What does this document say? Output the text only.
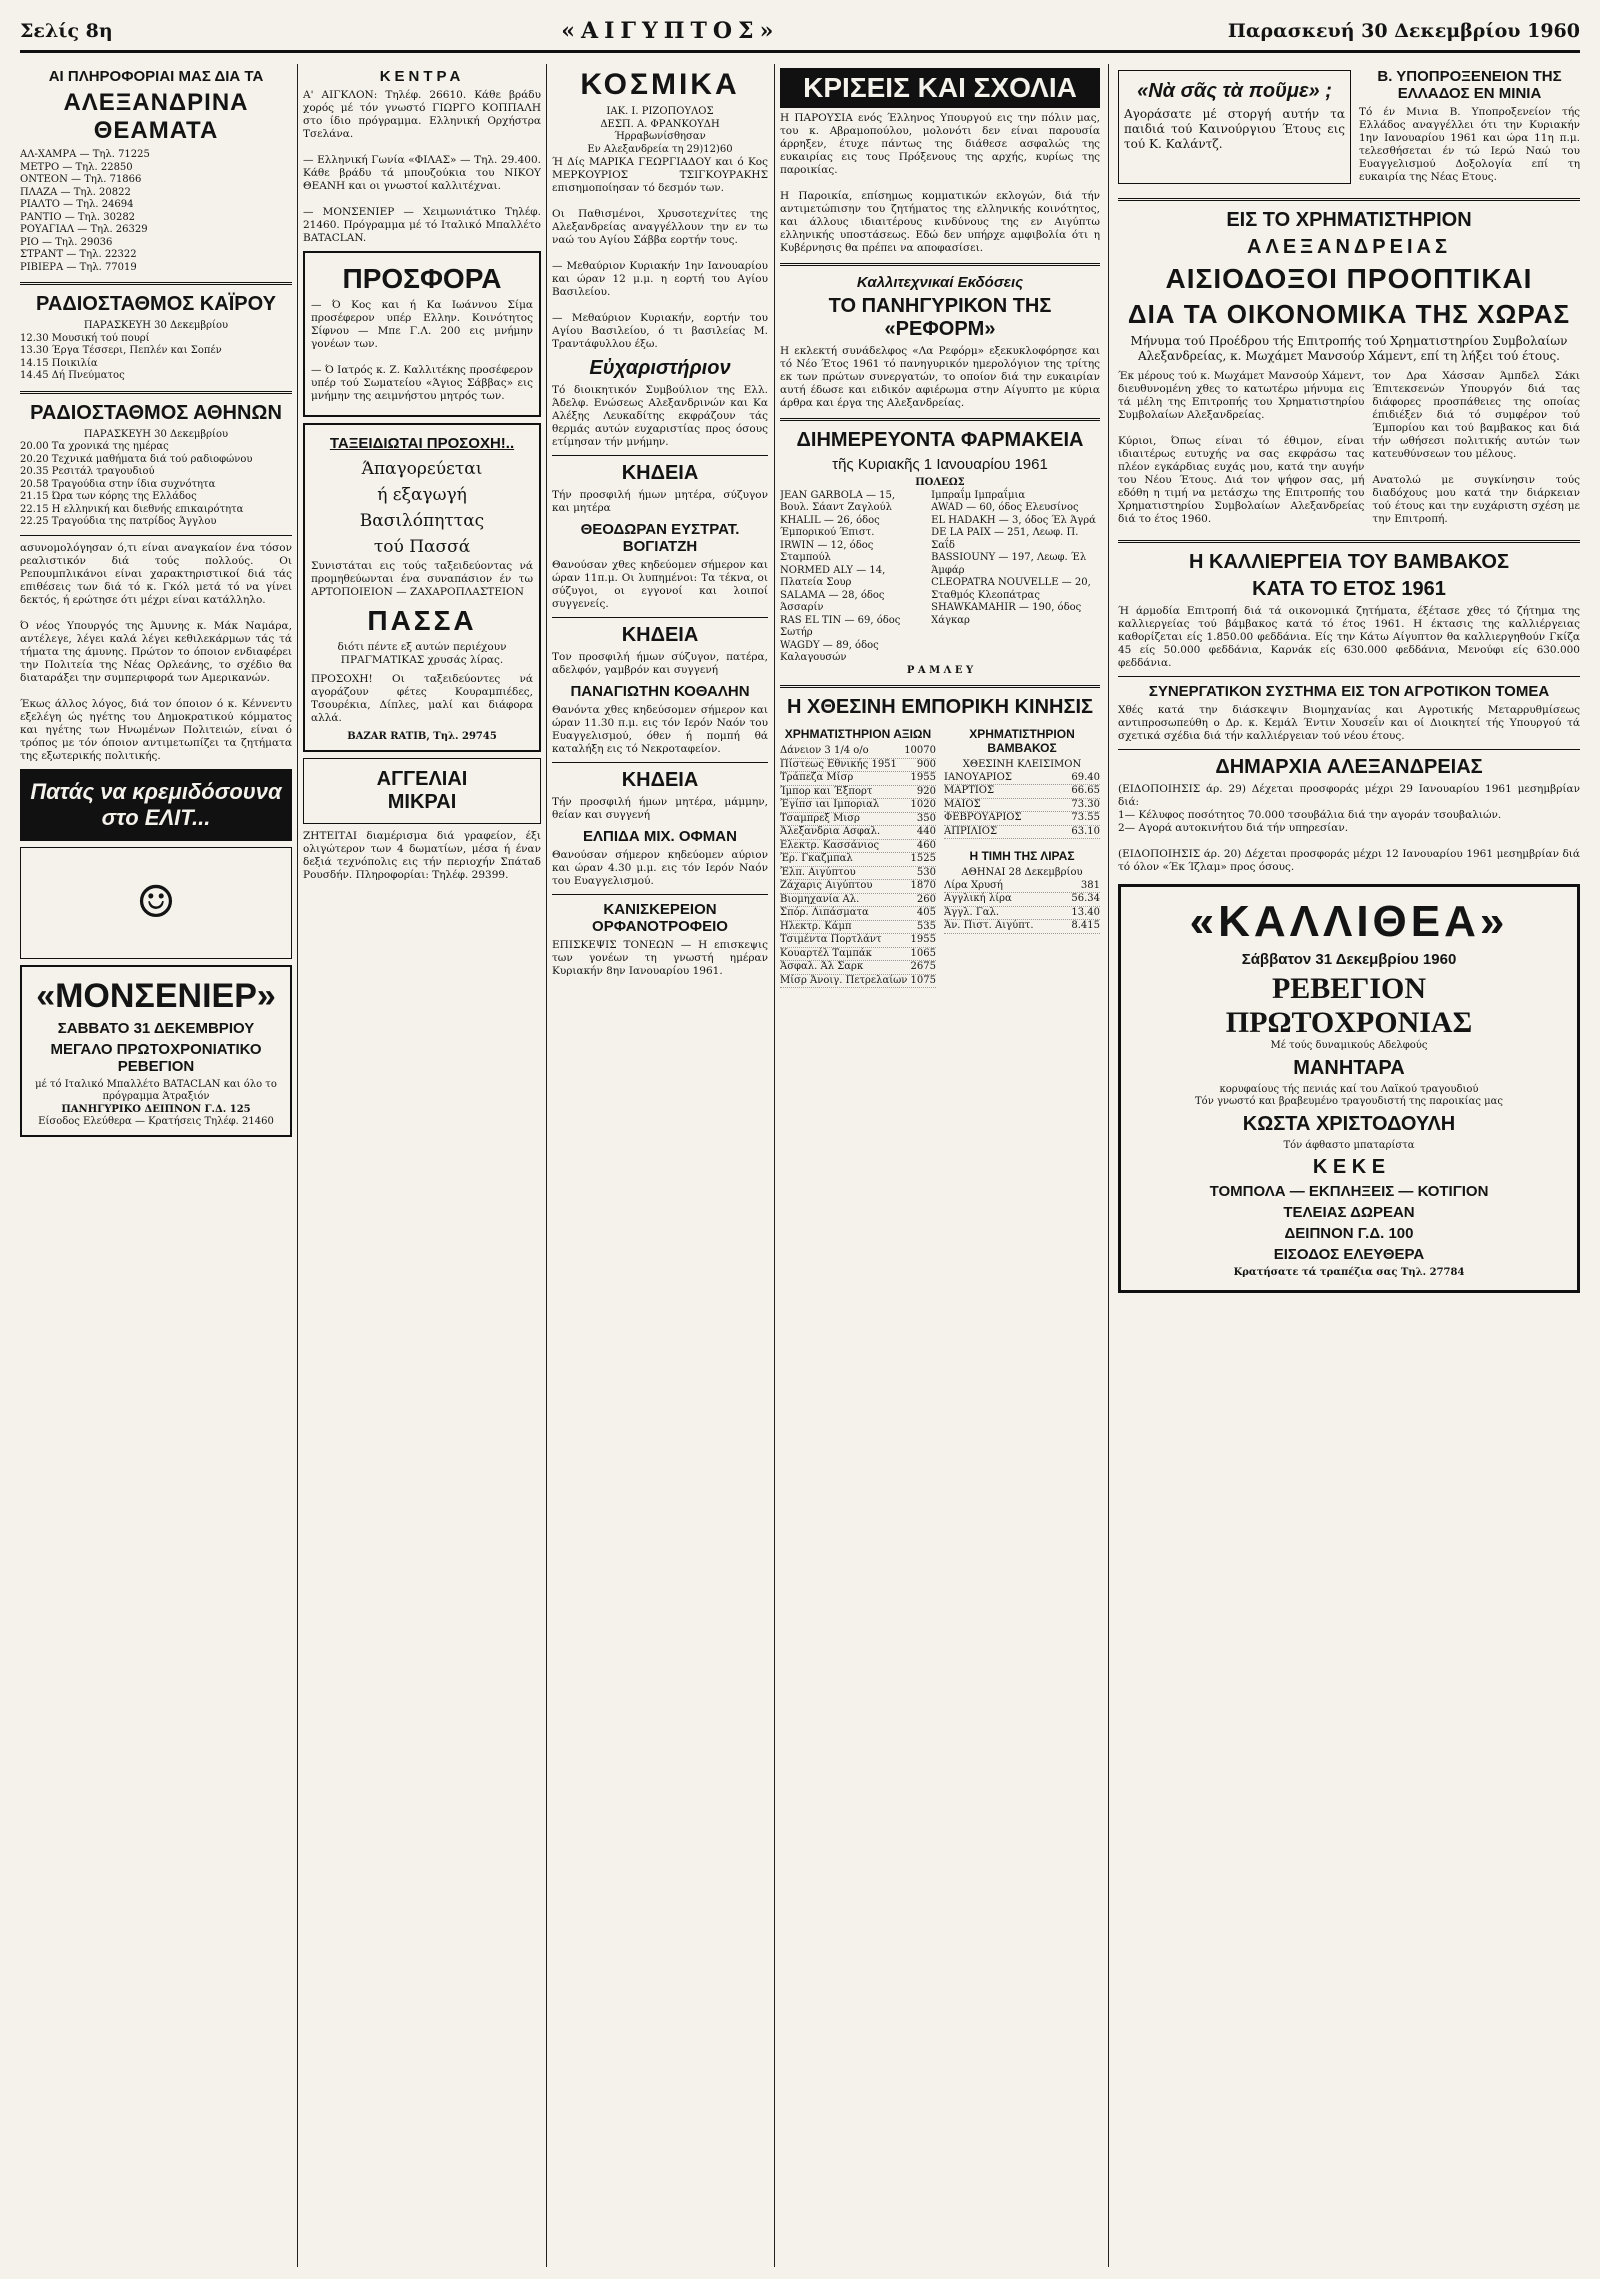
Σελίς 8η	«ΑΙΓΥΠΤΟΣ»	Παρασκευή 30 Δεκεμβρίου 1960
ΑΙ ΠΛΗΡΟΦΟΡΙΑΙ ΜΑΣ ΔΙΑ ΤΑ
ΑΛΕΞΑΝΔΡΙΝΑ ΘΕΑΜΑΤΑ
ΑΛ-ΧΑΜΡΑ — Τηλ. 71225
ΜΕΤΡΟ — Τηλ. 22850
ΟΝΤΕΟΝ — Τηλ. 71866
ΠΛΑΖΑ — Τηλ. 20822
ΡΙΑΛΤΟ — Τηλ. 24694
ΡΑΝΤΙΟ — Τηλ. 30282
ΡΟΥΑΓΙΑΛ — Τηλ. 26329
ΡΙΟ — Τηλ. 29036
ΣΤΡΑΝΤ — Τηλ. 22322
ΡΙΒΙΕΡΑ — Τηλ. 77019
ΡΑΔΙΟΣΤΑΘΜΟΣ ΚΑΪΡΟΥ
ΠΑΡΑΣΚΕΥΗ 30 Δεκεμβρίου
12.30 Μουσική τού πουρί
13.30 Έργα Τέσσερι, Πεπλέν και Σοπέν
14.15 Ποικιλία
14.45 Δή Πνεύματος
ΡΑΔΙΟΣΤΑΘΜΟΣ ΑΘΗΝΩΝ
ΠΑΡΑΣΚΕΥΗ 30 Δεκεμβρίου
20.00 Τα χρονικά της ημέρας
20.20 Τεχνικά μαθήματα διά τού ραδιοφώνου
20.35 Ρεσιτάλ τραγουδιού
20.58 Τραγούδια στην ίδια συχνότητα
21.15 Ώρα των κόρης της Ελλάδος
22.15 Η ελληνική και διεθνής επικαιρότητα
22.25 Τραγούδια της πατρίδος Άγγλου

ασυνομολόγησαν ό,τι είναι αναγκαίον ένα τόσον ρεαλιστικόν διά τούς πολλούς. Οι Ρεπουμπλικάνοι είναι χαρακτηριστικοί διά τάς επιθέσεις των διά τό κ. Γκόλ μετά τό να γίνει δεκτός, ή ερώτησε ότι μέχρι είναι κατάλληλο.

Ό νέος Υπουργός της Άμυνης κ. Μάκ Ναμάρα, αντέλεγε, λέγει καλά λέγει κεθιλεκάρμων τάς τά τήματα της άμυνης. Πρώτον το όποιον ενδιαφέρει την Πολιτεία της Νέας Ορλεάνης, το σχέδιο θα διαταράξει την συμπεριφορά των Αμερικανών.

Έκως άλλος λόγος, διά τον όποιον ό κ. Κέννεντυ εξελέγη ώς ηγέτης του Δημοκρατικού κόμματος και ηγέτης των Ηνωμένων Πολιτειών, είναι ό τρόπος με τόν όποιον αντιμετωπίζει τα ζητήματα της εξωτερικής πολιτικής.

Πατάς να κρεμιδόσουνα στο ΕΛΙΤ...
☺
«ΜΟΝΣΕΝΙΕΡ»
ΣΑΒΒΑΤΟ 31 ΔΕΚΕΜΒΡΙΟΥ
ΜΕΓΑΛΟ ΠΡΩΤΟΧΡΟΝΙΑΤΙΚΟ ΡΕΒΕΓΙΟΝ
μέ τό Ιταλικό Μπαλλέτο BATACLAN και όλο το πρόγραμμα Άτραξιόν
ΠΑΝΗΓΥΡΙΚΟ ΔΕΙΠΝΟΝ Γ.Δ. 125
Είσοδος Ελεύθερα — Κρατήσεις Τηλέφ. 21460
ΚΕΝΤΡΑ

Α' ΑΙΓΚΛΟΝ: Τηλέφ. 26610. Κάθε βράδυ χορός μέ τόν γνωστό ΓΙΩΡΓΟ ΚΟΠΠΑΛΗ στο ίδιο πρόγραμμα. Ελληνική Ορχήστρα Τσελάνα.

— Ελληνική Γωνία «ΦΙΛΑΣ» — Τηλ. 29.400. Κάθε βράδυ τά μπουζούκια του ΝΙΚΟΥ ΘΕΑΝΗ και οι γνωστοί καλλιτέχναι.

— ΜΟΝΣΕΝΙΕΡ — Χειμωνιάτικο Τηλέφ. 21460. Πρόγραμμα μέ τό Ιταλικό Μπαλλέτο BATACLAN.

ΠΡΟΣΦΟΡΑ

— Ό Κος και ή Κα Ιωάννου Σίμα προσέφερον υπέρ Ελλην. Κοινότητος Σίφνου — Μπε Γ.Λ. 200 εις μνήμην γονέων των.

— Ό Ιατρός κ. Ζ. Καλλιτέκης προσέφερον υπέρ τού Σωματείου «Άγιος Σάββας» εις μνήμην της αειμνήστου μητρός των.

ΤΑΞΕΙΔΙΩΤΑΙ ΠΡΟΣΟΧΗ!..
Άπαγορεύεται
ή εξαγωγή
Βασιλόπηττας
τού Πασσά

Συνιστάται εις τούς ταξειδεύοντας νά προμηθεύωνται ένα συναπάσιον έν τω ΑΡΤΟΠΟΙΕΙΟΝ — ΖΑΧΑΡΟΠΛΑΣΤΕΙΟΝ

ΠΑΣΣΑ

διότι πέντε εξ αυτών περιέχουν ΠΡΑΓΜΑΤΙΚΑΣ χρυσάς λίρας.

ΠΡΟΣΟΧΗ! Οι ταξειδεύοντες νά αγοράζουν φέτες Κουραμπιέδες, Τσουρέκια, Δίπλες, μαλί και διάφορα αλλά.

BAZAR RATIB, Τηλ. 29745
ΑΓΓΕΛΙΑΙ
ΜΙΚΡΑΙ

ΖΗΤΕΙΤΑΙ διαμέρισμα διά γραφείον, έξι ολιγώτερον των 4 δωματίων, μέσα ή έναν δεξιά τεχνόπολις εις τήν περιοχήν Σπάταδ Ρουσδήν. Πληροφορίαι: Τηλέφ. 29399.

ΚΟΣΜΙΚΑ
ΙΑΚ. Ι. ΡΙΖΟΠΟΥΛΟΣ
ΔΕΣΠ. Α. ΦΡΑΝΚΟΥΔΗ
Ήρραβωνίσθησαν
Εν Αλεξανδρεία τη 29)12)60

Ή Δίς ΜΑΡΙΚΑ ΓΕΩΡΓΙΑΔΟΥ και ό Κος ΜΕΡΚΟΥΡΙΟΣ ΤΣΙΓΚΟΥΡΑΚΗΣ επισημοποίησαν τό δεσμόν των.

Οι Παθισμένοι, Χρυσοτεχνίτες της Αλεξανδρείας αναγγέλλουν την εν τω ναώ του Αγίου Σάββα εορτήν τους.

— Μεθαύριον Κυριακήν 1ην Ιανουαρίου και ώραν 12 μ.μ. η εορτή του Αγίου Βασιλείου.

— Μεθαύριον Κυριακήν, εορτήν του Αγίου Βασιλείου, ό τι βασιλείας Μ. Τραντάφυλλου έξω.

Εὐχαριστήριον

Τό διοικητικόν Συμβούλιον της Ελλ. Άδελφ. Ενώσεως Αλεξανδρινών και Κα Αλέξης Λευκαδίτης εκφράζουν τάς θερμάς αυτών ευχαριστίας προς όσους ετίμησαν τήν μνήμην.

ΚΗΔΕΙΑ

Τήν προσφιλή ήμων μητέρα, σύζυγον και μητέρα

ΘΕΟΔΩΡΑΝ ΕΥΣΤΡΑΤ. ΒΟΓΙΑΤΖΗ

Θανούσαν χθες κηδεύομεν σήμερον και ώραν 11π.μ. Οι λυπημένοι: Τα τέκνα, οι σύζυγοι, οι εγγονοί και λοιποί συγγενείς.

ΚΗΔΕΙΑ

Τον προσφιλή ήμων σύζυγον, πατέρα, αδελφόν, γαμβρόν και συγγενή

ΠΑΝΑΓΙΩΤΗΝ ΚΟΘΑΛΗΝ

Θανόντα χθες κηδεύσομεν σήμερον και ώραν 11.30 π.μ. εις τόν Ιερόν Ναόν του Ευαγγελισμού, όθεν ή πομπή θά καταλήξη εις τό Νεκροταφείον.

ΚΗΔΕΙΑ

Τήν προσφιλή ήμων μητέρα, μάμμην, θείαν και συγγενή

ΕΛΠΙΔΑ ΜΙΧ. ΟΦΜΑΝ

Θανούσαν σήμερον κηδεύομεν αύριον και ώραν 4.30 μ.μ. εις τόν Ιερόν Ναόν του Ευαγγελισμού.

ΚΑΝΙΣΚΕΡΕΙΟΝ ΟΡΦΑΝΟΤΡΟΦΕΙΟ

ΕΠΙΣΚΕΨΙΣ ΤΟΝΕΩΝ — Η επισκεψις των γονέων τη γνωστή ημέραν Κυριακήν 8ην Ιανουαρίου 1961.

ΚΡΙΣΕΙΣ ΚΑΙ ΣΧΟΛΙΑ

Η ΠΑΡΟΥΣΙΑ ενός Έλληνος Υπουργού εις την πόλιν μας, του κ. Αβραμοπούλου, μολονότι δεν είναι παρουσία άρρηξεν, έτυχε πάντως της διάθεσε ασφαλώς της ευκαιρίας εις τους Πρόξενους της αρχής, κυρίως της παροικίας.

Η Παροικία, επίσημως κομματικών εκλογών, διά τήν αντιμετώπισην του ζητήματος της ελληνικής κοινότητος, και άλλους ιδιαιτέρους κινδύνους της εν Αιγύπτω ελληνικής υποστάσεως. Εδώ δεν υπήρχε αμφιβολία ότι η Κυβέρνησις θα πρέπει να αποφασίσει.

Καλλιτεχνικαί Εκδόσεις
ΤΟ ΠΑΝΗΓΥΡΙΚΟΝ ΤΗΣ «ΡΕΦΟΡΜ»

Η εκλεκτή συνάδελφος «Λα Ρεφόρμ» εξεκυκλοφόρησε και τό Νέο Έτος 1961 τό πανηγυρικόν ημερολόγιον της τρίτης εκ των πρώτων συνεργατών, το οποίον διά την ευκαιρίαν αυτή έδωσε και ειδικόν αφιέρωμα στην Αίγυπτο με κύρια άρθρα και έργα της Αλεξανδρείας.

ΔΙΗΜΕΡΕΥΟΝΤΑ ΦΑΡΜΑΚΕΙΑ
τῆς Κυριακῆς 1 Ιανουαρίου 1961
ΠΟΛΕΩΣ
JEAN GARBOLA — 15, Βουλ. Σάαντ Ζαγλούλ
KHALIL — 26, όδος Έμπορικού Έπιστ.
IRWIN — 12, όδος Σταμπούλ
NORMED ALY — 14, Πλατεία Σουρ
SALAMA — 28, όδος Άσσαρίν
RAS EL TIN — 69, όδος Σωτήρ
WAGDY — 89, όδος Καλαγουσών
Ιμπραΐμ Ιμπραΐμια
AWAD — 60, όδος Ελευσίνος
EL HADAKH — 3, όδος Έλ Άγρά
DE LA PAIX — 251, Λεωφ. Π. Σαΐδ
BASSIOUNY — 197, Λεωφ. Έλ Άμφάρ
CLEOPATRA NOUVELLE — 20, Σταθμός Κλεοπάτρας
SHAWKAMAHIR — 190, όδος Χάγκαρ
Ρ Α Μ Λ Ε Υ
Η ΧΘΕΣΙΝΗ ΕΜΠΟΡΙΚΗ ΚΙΝΗΣΙΣ
ΧΡΗΜΑΤΙΣΤΗΡΙΟΝ ΑΞΙΩΝ
Δάνειον 3 1/4 ο/ο	10070
Πίστεως Εθνικής 1951 900
Τράπεζα Μίσρ	1955
Ίμπορ και Έξπορτ	920
Έγίπσ ιαι Ιμποριαλ	1020
Τσαμπρεξ Μισρ	350
Άλεξανδρια Ασφαλ.	440
Ελεκτρ. Κασσάνιος	460
Έρ. Γκαζμπαλ	1525
Έλπ. Αιγύπτου	530
Ζάχαρις Αιγύπτου	1870
Βιομηχανία Αλ.	260
Σπόρ. Λιπάσματα	405
Ηλεκτρ. Κάμπ	535
Τσιμέντα Πορτλάντ	1955
Κουαρτέλ Ταμπάκ	1065
Άσφαλ. Άλ Σαρκ	2675
Μίσρ Άνοιγ. Πετρελαίων 1075
ΧΡΗΜΑΤΙΣΤΗΡΙΟΝ ΒΑΜΒΑΚΟΣ
ΧΘΕΣΙΝΗ ΚΛΕΙΣΙΜΟΝ
ΙΑΝΟΥΑΡΙΟΣ	69.40
ΜΑΡΤΙΟΣ	66.65
ΜΑΙΟΣ	73.30
ΦΕΒΡΟΥΑΡΙΟΣ	73.55
ΑΠΡΙΛΙΟΣ	63.10
Η ΤΙΜΗ ΤΗΣ ΛΙΡΑΣ
ΑΘΗΝΑΙ 28 Δεκεμβρίου
Λίρα Χρυσή	381
Αγγλική λίρα	56.34
Άγγλ. Γαλ.	13.40
Άν. Πιστ. Αιγύπτ.	8.415
«Νὰ σᾶς τὰ ποῦμε» ;

Αγοράσατε μέ στοργή αυτήν τα παιδιά τού Καινούργιου Έτους εις τού Κ. Καλάντζ.

Β. ΥΠΟΠΡΟΞΕΝΕΙΟΝ ΤΗΣ ΕΛΛΑΔΟΣ ΕΝ ΜΙΝΙΑ

Τό έν Μινια Β. Υποπροξενείον τής Ελλάδος αναγγέλλει ότι την Κυριακήν 1ην Ιανουαρίου 1961 και ώρα 11η π.μ. τελεσθήσεται έν τώ Ιερώ Ναώ του Ευαγγελισμού Δοξολογία επί τη ευκαιρία της Νέας Ετους.

ΕΙΣ ΤΟ ΧΡΗΜΑΤΙΣΤΗΡΙΟΝ
ΑΛΕΞΑΝΔΡΕΙΑΣ
ΑΙΣΙΟΔΟΞΟΙ ΠΡΟΟΠΤΙΚΑΙ
ΔΙΑ ΤΑ ΟΙΚΟΝΟΜΙΚΑ ΤΗΣ ΧΩΡΑΣ

Μήνυμα τού Προέδρου τής Επιτροπής τού Χρηματιστηρίου Συμβολαίων Αλεξανδρείας, κ. Μωχάμετ Μανσούρ Χάμεντ, επί τη λήξει τού έτους.

Έκ μέρους τού κ. Μωχάμετ Μανσούρ Χάμεντ, διευθυνομένη χθες το κατωτέρω μήνυμα εις τά μέλη της Επιτροπής του Χρηματιστηρίου Συμβολαίων Αλεξανδρείας.

Κύριοι, Όπως είναι τό έθιμον, είναι ιδιαιτέρως ευτυχής να σας εκφράσω τας πλέον εγκάρδιας ευχάς μου, κατά την αυγήν του Νέου Έτους. Διά τον ψήφον σας, μή εδόθη η τιμή να μετάσχω της Επιτροπής του Χρηματιστηρίου Συμβολαίων Αλεξανδρείας διά το έτος 1960.

τον Δρα Χάσσαν Άμπδελ Σάκι Έπιτεκσενών Υπουργόν διά τας διάφορες προσπάθειες της οποίας έπιδιέξεν διά τό συμφέρον τού Έμπορίου και τού βαμβακος και διά τήν ωθήσεσι πολιτικής αυτών των κατευθύνσεων του μέλους.

Ανατολώ με συγκίνησιν τούς διαδόχους μου κατά την διάρκειαν τού έτους και την ευχάριστη σχέση με την Επιτροπή.

Η ΚΑΛΛΙΕΡΓΕΙΑ ΤΟΥ ΒΑΜΒΑΚΟΣ
ΚΑΤΑ ΤΟ ΕΤΟΣ 1961

Ή άρμοδία Επιτροπή διά τά οικονομικά ζητήματα, έξέτασε χθες τό ζήτημα της καλλιεργείας τού βάμβακος κατά τό έτος 1961. Η έκτασις της καλλιέργειας καθορίζεται είς 1.850.00 φεδδάνια. Είς την Κάτω Αίγυπτον θα καλλιεργηθούν Γκίζα 45 είς 50.000 φεδδάνια, Καρνάκ είς 630.000 φεδδάνια, Μενούφι είς 630.000 φεδδάνια.

ΣΥΝΕΡΓΑΤΙΚΟΝ ΣΥΣΤΗΜΑ ΕΙΣ ΤΟΝ ΑΓΡΟΤΙΚΟΝ ΤΟΜΕΑ

Χθές κατά την διάσκεψιν Βιομηχανίας και Αγροτικής Μεταρρυθμίσεως αντιπροσωπεύθη ο Δρ. κ. Κεμάλ Έντιν Χουσεΐν και οί Διοικητεί τής Υπουργού τά σχετικά σχέδια διά τήν καλλιέργειαν τού νέου έτους.

ΔΗΜΑΡΧΙΑ ΑΛΕΞΑΝΔΡΕΙΑΣ

(ΕΙΔΟΠΟΙΗΣΙΣ άρ. 29) Δέχεται προσφοράς μέχρι 29 Ιανουαρίου 1961 μεσημβρίαν διά:
1— Κέλυφος ποσότητος 70.000 τσουβάλια διά την αγοράν τσουβαλιών.
2— Αγορά αυτοκινήτου διά τήν υπηρεσίαν.

(ΕΙΔΟΠΟΙΗΣΙΣ άρ. 20) Δέχεται προσφοράς μέχρι 12 Ιανουαρίου 1961 μεσημβρίαν διά τό όλον «Έκ Ίζλαμ» προς όσους.

«ΚΑΛΛΙΘΕΑ»
Σάββατον 31 Δεκεμβρίου 1960
ΡΕΒΕΓΙΟΝ
ΠΡΩΤΟΧΡΟΝΙΑΣ
Μέ τούς δυναμικούς Αδελφούς
ΜΑΝΗΤΑΡΑ
κορυφαίους τής πενιάς καί του Λαϊκού τραγουδιού
Τόν γνωστό και βραβευμένο τραγουδιστή της παροικίας μας
ΚΩΣΤΑ ΧΡΙΣΤΟΔΟΥΛΗ
Τόν άφθαστο μπαταρίστα
Κ Ε Κ Ε
ΤΟΜΠΟΛΑ — ΕΚΠΛΗΞΕΙΣ — ΚΟΤΙΓΙΟΝ
ΤΕΛΕΙΑΣ ΔΩΡΕΑΝ
ΔΕΙΠΝΟΝ Γ.Δ. 100
ΕΙΣΟΔΟΣ ΕΛΕΥΘΕΡΑ
Κρατήσατε τά τραπέζια σας Τηλ. 27784
